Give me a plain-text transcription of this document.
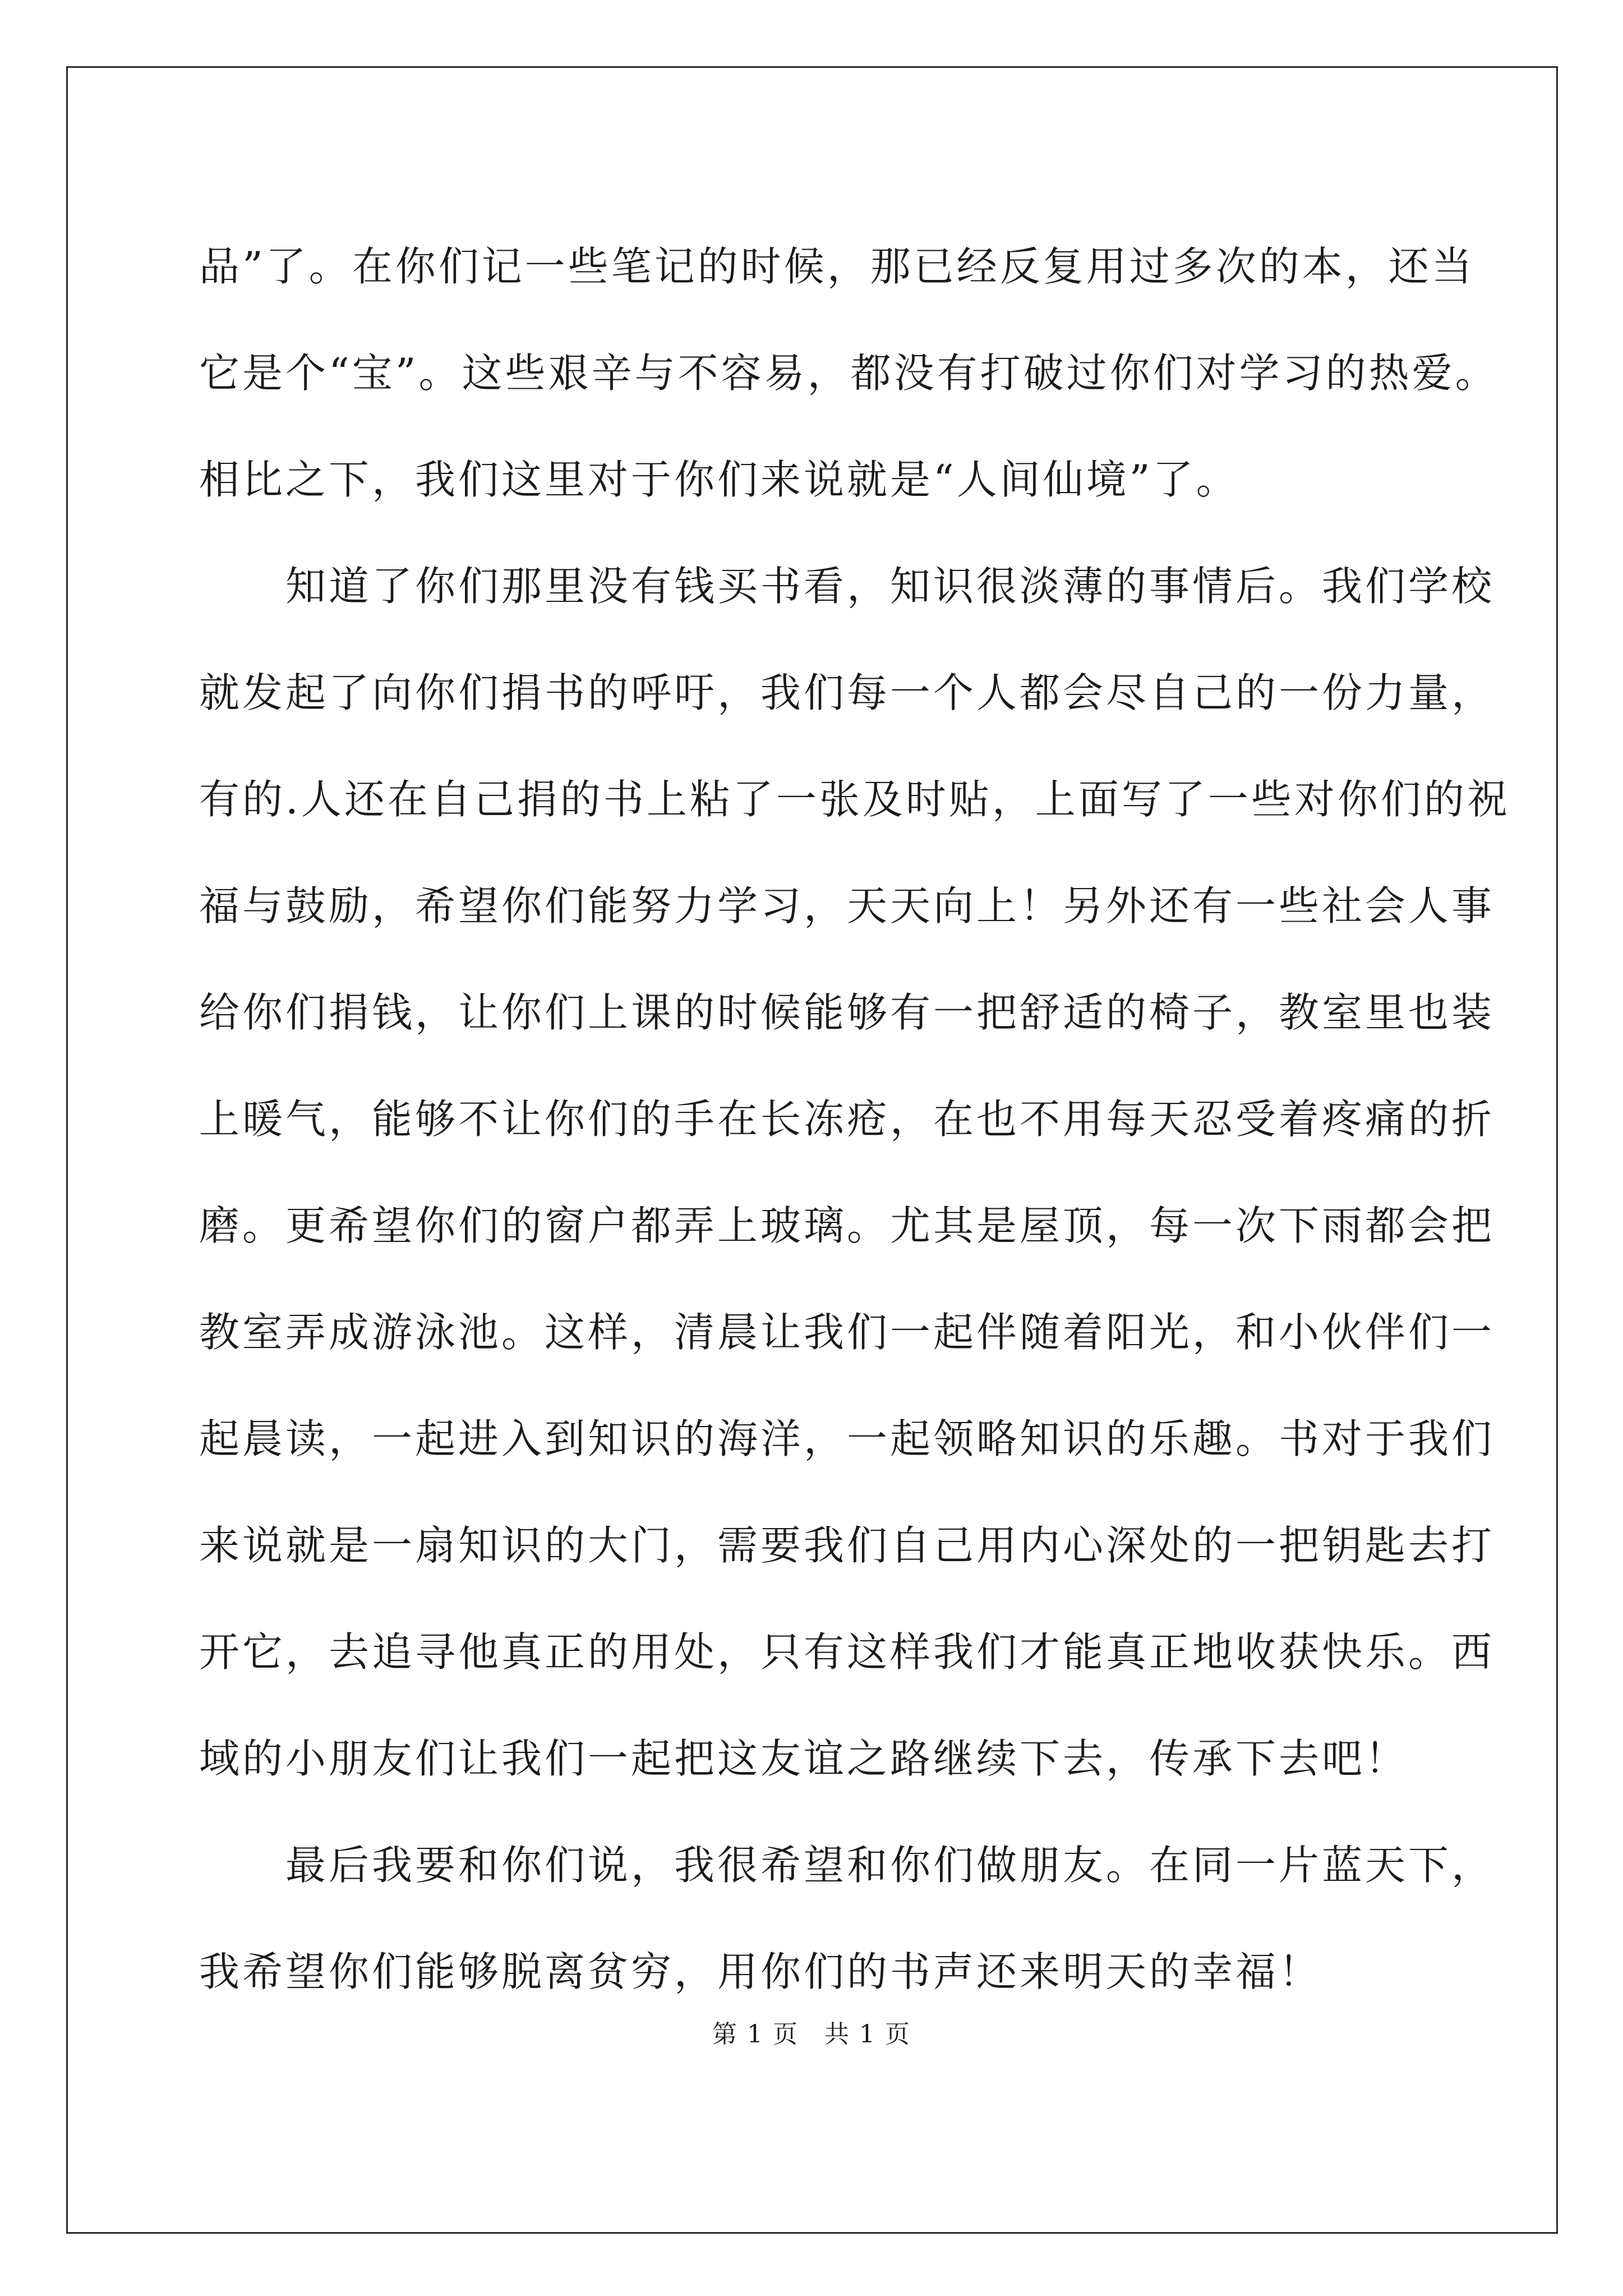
品”了。在你们记一些笔记的时候，那已经反复用过多次的本，还当
它是个“宝”。这些艰辛与不容易，都没有打破过你们对学习的热爱。
相比之下，我们这里对于你们来说就是“人间仙境”了。
　　知道了你们那里没有钱买书看，知识很淡薄的事情后。我们学校
就发起了向你们捐书的呼吁，我们每一个人都会尽自己的一份力量，
有的.人还在自己捐的书上粘了一张及时贴，上面写了一些对你们的祝
福与鼓励，希望你们能努力学习，天天向上！另外还有一些社会人事
给你们捐钱，让你们上课的时候能够有一把舒适的椅子，教室里也装
上暖气，能够不让你们的手在长冻疮，在也不用每天忍受着疼痛的折
磨。更希望你们的窗户都弄上玻璃。尤其是屋顶，每一次下雨都会把
教室弄成游泳池。这样，清晨让我们一起伴随着阳光，和小伙伴们一
起晨读，一起进入到知识的海洋，一起领略知识的乐趣。书对于我们
来说就是一扇知识的大门，需要我们自己用内心深处的一把钥匙去打
开它，去追寻他真正的用处，只有这样我们才能真正地收获快乐。西
域的小朋友们让我们一起把这友谊之路继续下去，传承下去吧！
　　最后我要和你们说，我很希望和你们做朋友。在同一片蓝天下，
我希望你们能够脱离贫穷，用你们的书声还来明天的幸福！
第 1 页　共 1 页
